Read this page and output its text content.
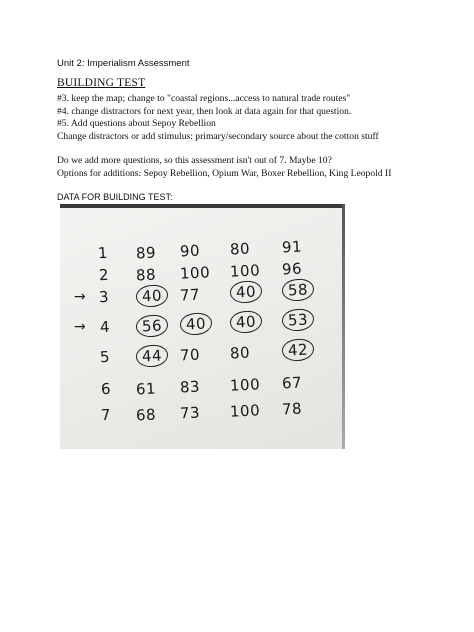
Unit 2: Imperialism Assessment
BUILDING TEST
#3. keep the map; change to "coastal regions...access to natural trade routes"
#4. change distractors for next year, then look at data again for that question.
#5. Add questions about Sepoy Rebellion
Change distractors or add stimulus: primary/secondary source about the cotton stuff
Do we add more questions, so this assessment isn't out of 7. Maybe 10?
Options for additions: Sepoy Rebellion, Opium War, Boxer Rebellion, King Leopold II
DATA FOR BUILDING TEST:
1 89 90 80 91
2 88 100 100 96
→ 3	40	77	40	58
→ 4	56	40	40	53
5	44	70 80	42
6 61 83 100 67
7 68 73 100 78
